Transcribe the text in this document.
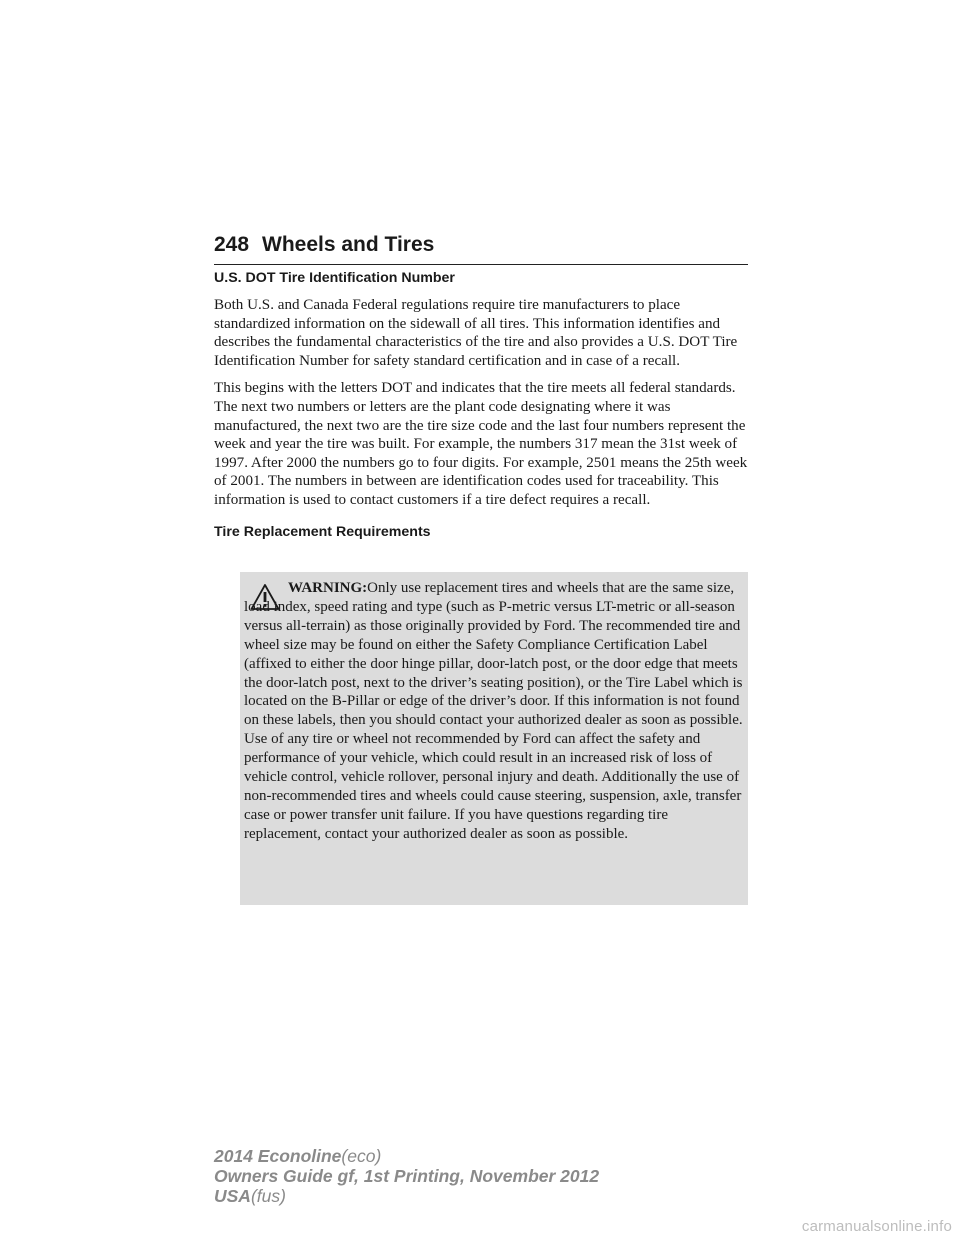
248 Wheels and Tires
U.S. DOT Tire Identification Number

Both U.S. and Canada Federal regulations require tire manufacturers to place standardized information on the sidewall of all tires. This information identifies and describes the fundamental characteristics of the tire and also provides a U.S. DOT Tire Identification Number for safety standard certification and in case of a recall.

This begins with the letters DOT and indicates that the tire meets all federal standards. The next two numbers or letters are the plant code designating where it was manufactured, the next two are the tire size code and the last four numbers represent the week and year the tire was built. For example, the numbers 317 mean the 31st week of 1997. After 2000 the numbers go to four digits. For example, 2501 means the 25th week of 2001. The numbers in between are identification codes used for traceability. This information is used to contact customers if a tire defect requires a recall.

Tire Replacement Requirements
WARNING:Only use replacement tires and wheels that are the same size, load index, speed rating and type (such as P-metric versus LT-metric or all-season versus all-terrain) as those originally provided by Ford. The recommended tire and wheel size may be found on either the Safety Compliance Certification Label (affixed to either the door hinge pillar, door-latch post, or the door edge that meets the door-latch post, next to the driver’s seating position), or the Tire Label which is located on the B-Pillar or edge of the driver’s door. If this information is not found on these labels, then you should contact your authorized dealer as soon as possible. Use of any tire or wheel not recommended by Ford can affect the safety and performance of your vehicle, which could result in an increased risk of loss of vehicle control, vehicle rollover, personal injury and death. Additionally the use of non-recommended tires and wheels could cause steering, suspension, axle, transfer case or power transfer unit failure. If you have questions regarding tire replacement, contact your authorized dealer as soon as possible.
2014 Econoline(eco)
Owners Guide gf, 1st Printing, November 2012
USA(fus)
carmanualsonline.info
